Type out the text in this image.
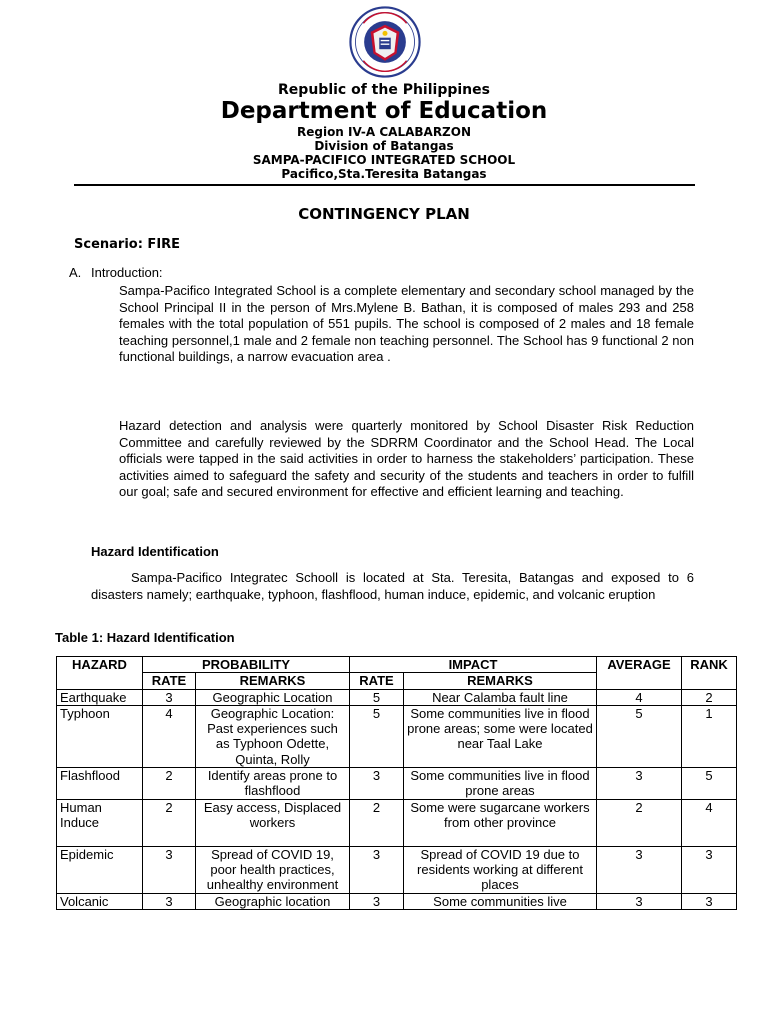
Republic of the Philippines
Department of Education
Region IV-A CALABARZON
Division of Batangas
SAMPA-PACIFICO INTEGRATED SCHOOL
Pacifico,Sta.Teresita Batangas
CONTINGENCY PLAN
Scenario: FIRE
A. Introduction:
Sampa-Pacifico Integrated School is a complete elementary and secondary school managed by the School Principal II in the person of Mrs.Mylene B. Bathan, it is composed of males 293 and 258 females with the total population of 551 pupils. The school is composed of 2 males and 18 female teaching personnel,1 male and 2 female non teaching personnel. The School has 9 functional 2 non functional buildings, a narrow evacuation area .
Hazard detection and analysis were quarterly monitored by School Disaster Risk Reduction Committee and carefully reviewed by the SDRRM Coordinator and the School Head. The Local officials were tapped in the said activities in order to harness the stakeholders’ participation. These activities aimed to safeguard the safety and security of the students and teachers in order to fulfill our goal; safe and secured environment for effective and efficient learning and teaching.
Hazard Identification
Sampa-Pacifico Integratec Schooll is located at Sta. Teresita, Batangas and exposed to 6 disasters namely; earthquake, typhoon, flashflood, human induce, epidemic, and volcanic eruption
Table 1: Hazard Identification
HAZARD	PROBABILITY		IMPACT		AVERAGE	RANK
	RATE	REMARKS	RATE	REMARKS		
Earthquake	3	Geographic Location	5	Near Calamba fault line	4	2
Typhoon	4	Geographic Location: Past experiences such as Typhoon Odette, Quinta, Rolly	5	Some communities live in flood prone areas; some were located near Taal Lake	5	1
Flashflood	2	Identify areas prone to flashflood	3	Some communities live in flood prone areas	3	5
Human Induce	2	Easy access, Displaced workers	2	Some were sugarcane workers from other province	2	4
Epidemic	3	Spread of COVID 19, poor health practices, unhealthy environment	3	Spread of COVID 19 due to residents working at different places	3	3
Volcanic	3	Geographic location	3	Some communities live	3	3
